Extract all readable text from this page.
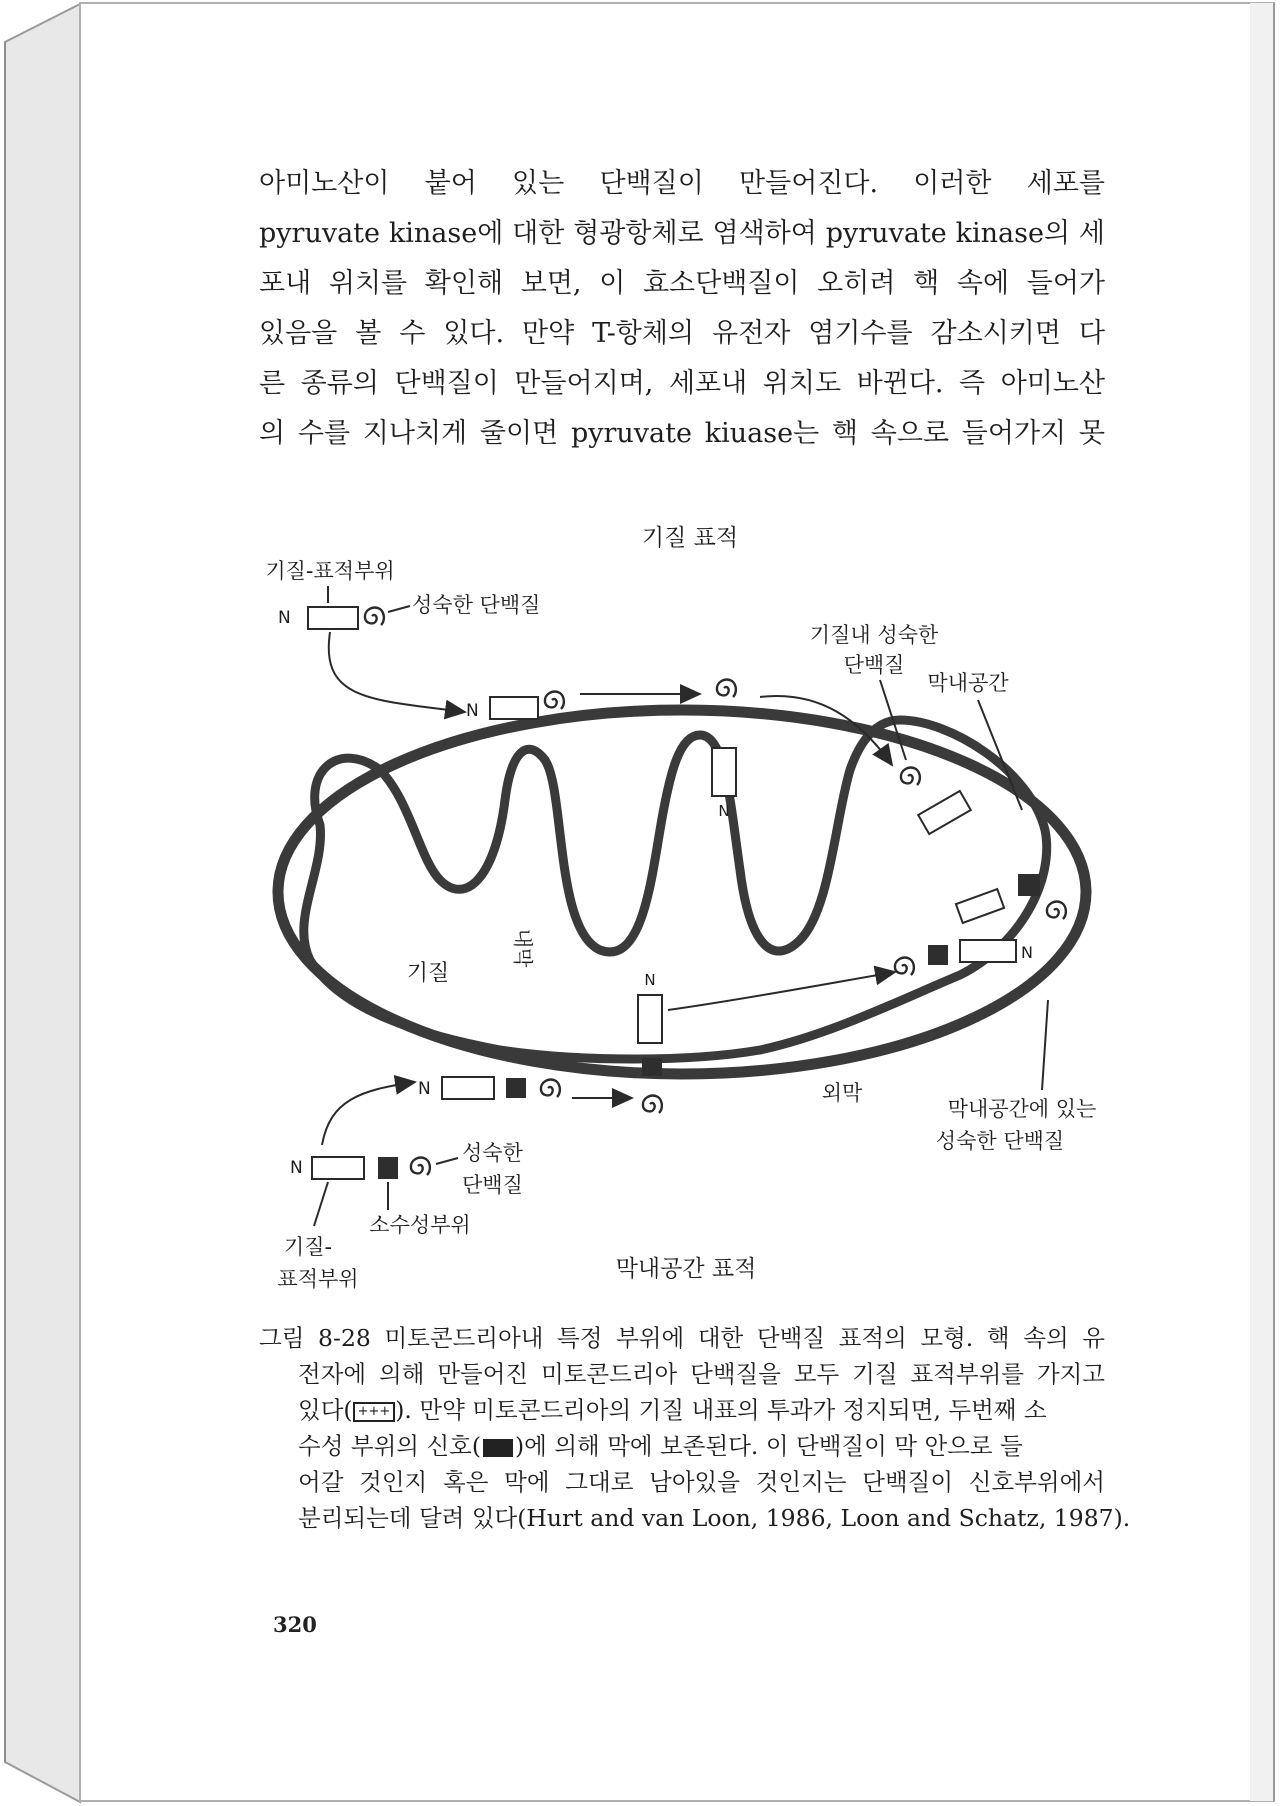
아미노산이 붙어 있는 단백질이 만들어진다. 이러한 세포를
pyruvate kinase에 대한 형광항체로 염색하여 pyruvate kinase의 세
포내 위치를 확인해 보면, 이 효소단백질이 오히려 핵 속에 들어가
있음을 볼 수 있다. 만약 T-항체의 유전자 염기수를 감소시키면 다
른 종류의 단백질이 만들어지며, 세포내 위치도 바뀐다. 즉 아미노산
의 수를 지나치게 줄이면 pyruvate kiuase는 핵 속으로 들어가지 못
기질 표적
N
N
N
기질-표적부위
N
성숙한 단백질
N
기질내 성숙한
단백질
막내공간
기질
내막
외막
막내공간에 있는
성숙한 단백질
N
N
성숙한
단백질
소수성부위
기질-
표적부위	막내공간 표적
그림 8-28 미토콘드리아내 특정 부위에 대한 단백질 표적의 모형. 핵 속의 유
전자에 의해 만들어진 미토콘드리아 단백질을 모두 기질 표적부위를 가지고
있다( +++ ). 만약 미토콘드리아의 기질 내표의 투과가 정지되면, 두번째 소
수성 부위의 신호( )에 의해 막에 보존된다. 이 단백질이 막 안으로 들
어갈 것인지 혹은 막에 그대로 남아있을 것인지는 단백질이 신호부위에서
분리되는데 달려 있다(Hurt and van Loon, 1986, Loon and Schatz, 1987).
320
